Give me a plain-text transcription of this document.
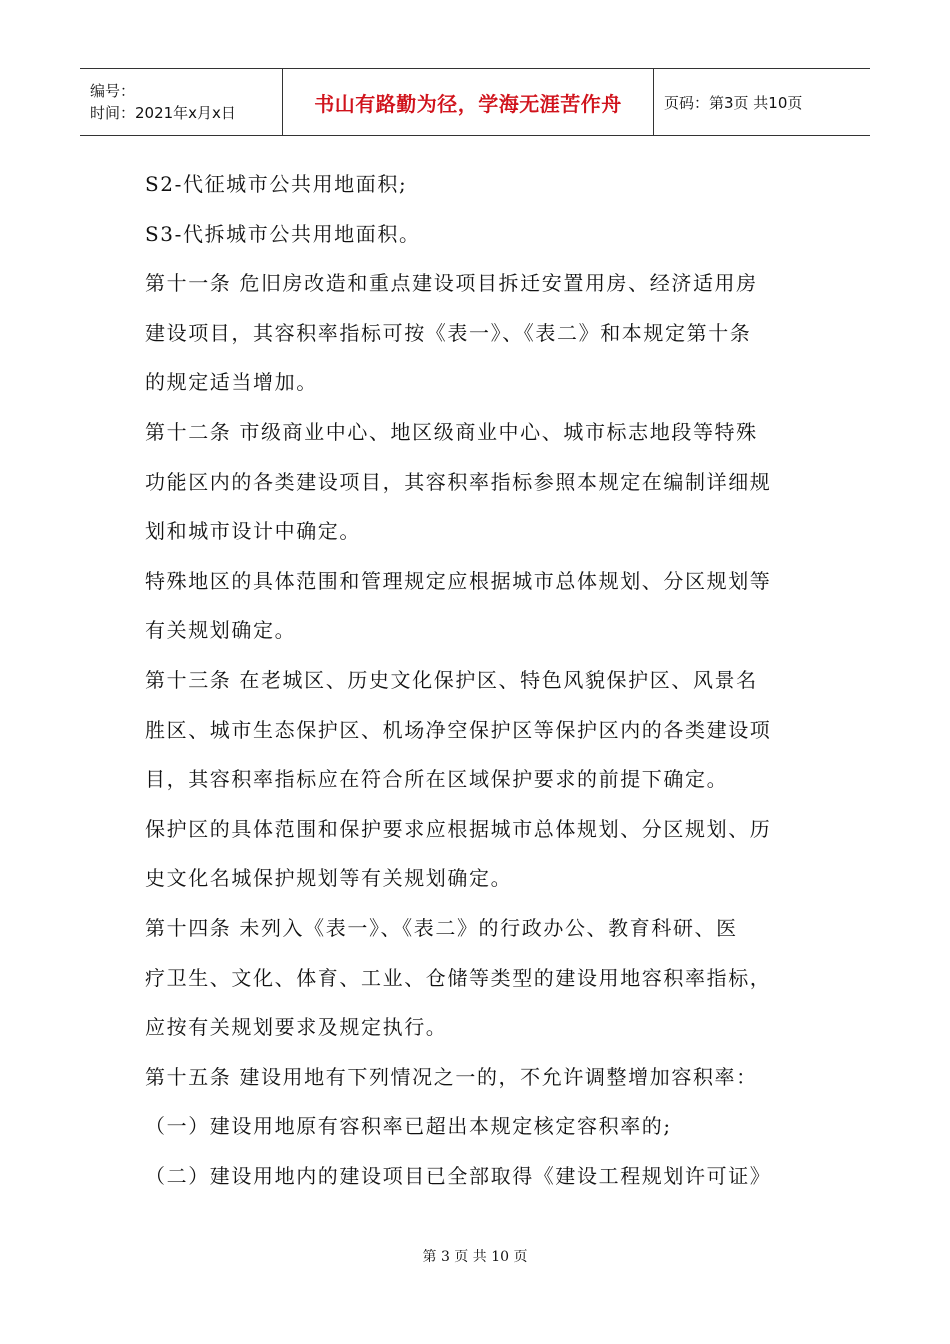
编号：
时间：2021年x月x日	书山有路勤为径，学海无涯苦作舟	页码：第3页 共10页

S2-代征城市公共用地面积;

S3-代拆城市公共用地面积。

第十一条 危旧房改造和重点建设项目拆迁安置用房、经济适用房

建设项目，其容积率指标可按《表一》、《表二》和本规定第十条

的规定适当增加。

第十二条 市级商业中心、地区级商业中心、城市标志地段等特殊

功能区内的各类建设项目，其容积率指标参照本规定在编制详细规

划和城市设计中确定。

特殊地区的具体范围和管理规定应根据城市总体规划、分区规划等

有关规划确定。

第十三条 在老城区、历史文化保护区、特色风貌保护区、风景名

胜区、城市生态保护区、机场净空保护区等保护区内的各类建设项

目，其容积率指标应在符合所在区域保护要求的前提下确定。

保护区的具体范围和保护要求应根据城市总体规划、分区规划、历

史文化名城保护规划等有关规划确定。

第十四条 未列入《表一》、《表二》的行政办公、教育科研、医

疗卫生、文化、体育、工业、仓储等类型的建设用地容积率指标，

应按有关规划要求及规定执行。

第十五条 建设用地有下列情况之一的，不允许调整增加容积率：

（一）建设用地原有容积率已超出本规定核定容积率的;

（二）建设用地内的建设项目已全部取得《建设工程规划许可证》

第 3 页 共 10 页
